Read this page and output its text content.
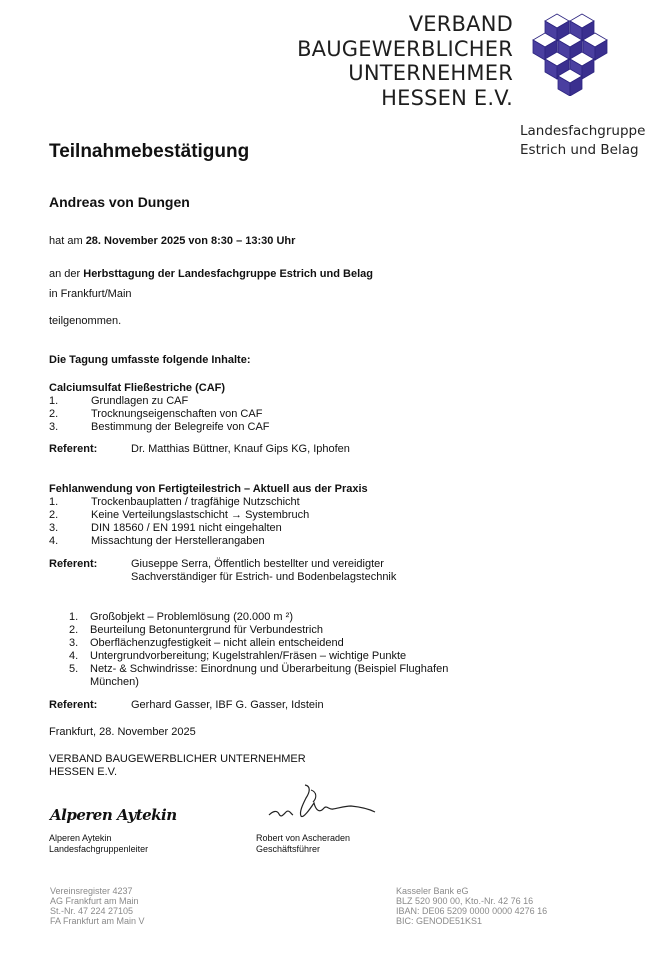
VERBAND
BAUGEWERBLICHER
UNTERNEHMER
HESSEN E.V.
Landesfachgruppe
Estrich und Belag
Teilnahmebestätigung
Andreas von Dungen
hat am 28. November 2025 von 8:30 – 13:30 Uhr
an der Herbsttagung der Landesfachgruppe Estrich und Belag
in Frankfurt/Main
teilgenommen.
Die Tagung umfasste folgende Inhalte:
Calciumsulfat Fließestriche (CAF)
1.	Grundlagen zu CAF
2.	Trocknungseigenschaften von CAF
3.	Bestimmung der Belegreife von CAF
Referent:	Dr. Matthias Büttner, Knauf Gips KG, Iphofen
Fehlanwendung von Fertigteilestrich – Aktuell aus der Praxis
1.	Trockenbauplatten / tragfähige Nutzschicht
2.	Keine Verteilungslastschicht → Systembruch
3.	DIN 18560 / EN 1991 nicht eingehalten
4.	Missachtung der Herstellerangaben
Referent:	Giuseppe Serra, Öffentlich bestellter und vereidigter
Sachverständiger für Estrich- und Bodenbelagstechnik
1. Großobjekt – Problemlösung (20.000 m ²)
2. Beurteilung Betonuntergrund für Verbundestrich
3. Oberflächenzugfestigkeit – nicht allein entscheidend
4. Untergrundvorbereitung; Kugelstrahlen/Fräsen – wichtige Punkte
5. Netz- & Schwindrisse: Einordnung und Überarbeitung (Beispiel Flughafen
München)
Referent:	Gerhard Gasser, IBF G. Gasser, Idstein
Frankfurt, 28. November 2025
VERBAND BAUGEWERBLICHER UNTERNEHMER
HESSEN E.V.
Alperen Aytekin
Alperen Aytekin
Landesfachgruppenleiter
Robert von Ascheraden
Geschäftsführer
Vereinsregister 4237
AG Frankfurt am Main
St.-Nr. 47 224 27105
FA Frankfurt am Main V
Kasseler Bank eG
BLZ 520 900 00, Kto.-Nr. 42 76 16
IBAN: DE06 5209 0000 0000 4276 16
BIC: GENODE51KS1
